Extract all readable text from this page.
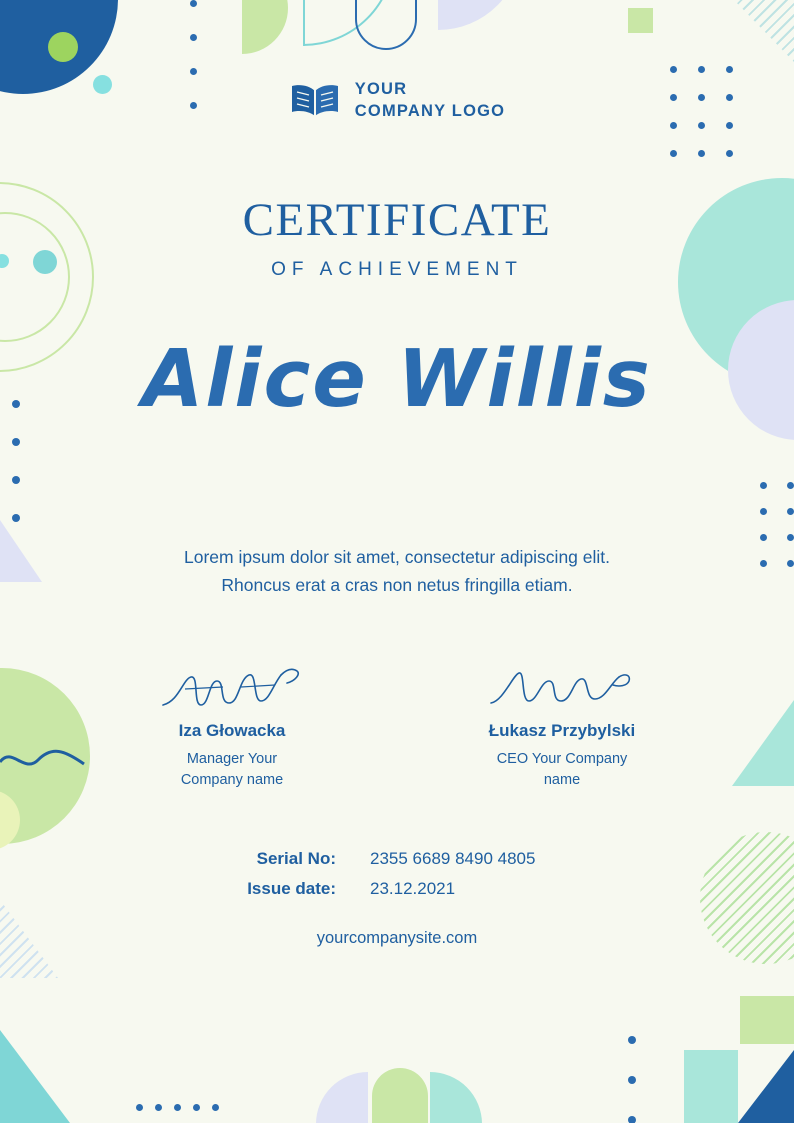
YOUR
COMPANY LOGO
CERTIFICATE
OF ACHIEVEMENT
Alice Willis
Lorem ipsum dolor sit amet, consectetur adipiscing elit. Rhoncus erat a cras non netus fringilla etiam.
Iza Głowacka
Manager Your
Company name
Łukasz Przybylski
CEO Your Company
name
Serial No:	2355 6689 8490 4805
Issue date:	23.12.2021
yourcompanysite.com
